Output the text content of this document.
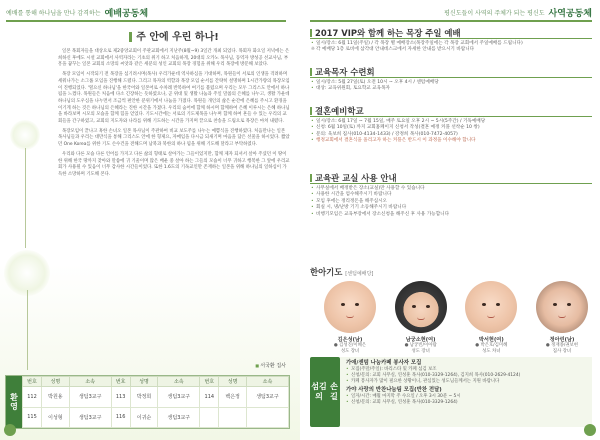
예배를 통해 하나님을 만나 감격하는 예배공동체
주 안에 우린 하나!

일본 목회자들을 대상으로 제2중앙교회이 주관교회에서 지난주(8월~9) 3일간 개최 되었다. 목회자 화요일 저녁에는 은희하신 후에도 시설 교회에서 사역자라는 기초의 위기 하고 처음하게, 20대의 오카노 목사님, 동역자 방성공 선교사님, 부흥을 꿈꾸는 일본 교회의 소망의 씨앗과 같은 세분의 성인 교회의 목장 경험을 위해 우리 목장에 방문해 보았다.

목장 모임이 시작되기 전 목장을 섬기려시며(목사) 우리가운데 역사하심을 기대하며, 목원들이 서로의 인생을 격려하며 세워나가는 소그룹 모임을 진행해 드렸다. 그리고 목자의 역할과 목장 모임 순서를 간략히 설명하며 1시간가량의 목장모임이 진행되었다. '열으신 하나님'을 한국어와 일본어로 수차례 반복하여 여기를 불렀으며 우리는 모두 그리스도 안에서 하나 됨을 느꼈다. 목원들은 처음에 다소 긴장하는 듯하였으나, 곧 위대 및 생활 나눔과 주일 말씀의 은혜를 나누고, 생활 가운데 하나님의 도우심을 나누면서 조금씩 편안한 분위기에서 나눔을 가졌다. 목원들 개인의 삶은 순간에 은혜를 주시고 환경을 이기게 하는 것은 하나님의 은혜라는 진한 시간을 가졌다. 우리의 숨어에 함께 하시며 함께하여 은혜 이루시는 은혜 하나님을 바라보며 시모의 모습을 함께 힘을 얻었다. 기도시간에는 서로의 기도제목을 나누며 함께 하여 흔들 수 있는 우리의 교회들을 간구하였고, 교회의 지도자와 나라를 위해 기도하는 시간을 가지며 끝으로 찬송을 드림으로 목장은 마쳐 내렸다.

목장모임이 끝나고 혹한 손녀오 일본 목사님이 주관하여 비교 보도주를 나누는 예쁨식을 진행하였다. 처음만나는 일본 목사님들과 우리는 대만식을 통해 그리스도 안에 한 형제요, 자매임을 다시금 되새기며 마음을 담은 선물을 하시었다. 짧았던 One Korea를 위한 기도 손수건을 전해드며 남북과 북한의 하나 됨을 위해 기도해 달라고 부탁하였다.

우리와 다른 모습 다른 언어를 가지고 다른 삶의 형태로 살아가는 그들이었지만, 함께 제자 되셔서 살아 주셨던 이 땅이 한 위해 한국 땅까지 찾아와 말씀에 귀 기울이며 많은 배운 중 살아 하는 그들의 모습이 너무 귀하고 행복한 그 앞에 우리교회가 사용될 수 있음이 너무 감사한 시간들이었다. 또한 1.6도의 기독교인만 존재하는 일본을 위해 하나님의 일하심이 가득한 소망하며 기도해 본다.

■ 서국환 집사
환영
번호	성명	소속	번호	성명	소속	번호	성명	소속
112	박원용	생텀3교구	113	박정희	생텀3교구	114	백은정	생텀3교구
115	이성형	생텀3교구	116	이귀순	생텀3교구			
평신도들이 사역의 주체가 되는 평신도 사역공동체
2017 VIP와 함께 하는 목장 주일 예배
• 일시/장소: 6월 11일(주일) / 각 목장 별 예배장소(목장주일에는 각 목장 교회에서 주일예배를 드립니다)
※ 각 예배당 1층 로비에 삼각대 안내데스크에서 자세한 안내를 받으시기 바랍니다
교육목자 수련회
• 일시/장소: 5월 27일(토) 오전 10시 ~ 오후 4시 / 센텀예배당
• 대상: 교육위원회, 토요학교 교육목자
결혼예비학교
• 일시/장소: 6월 17일 ~ 7월 15일, 매주 토요일 오후 2시 ~ 5시(5주간) / 기독예배당
• 신청: 6월 10일(토) 까지 교회홈페이지 신청서 작성(결혼 예정 커플 선착순 10 쌍)
• 문의: 육보희 집사(010-4134-1433) / 강정희 목사(010-7472-4057)
• 행정교회에서 결혼식을 올리고자 하는 커플은 반드시 이 과정을 이수해야 합니다
교육관 교실 사용 안내
• 사무실에서 배정받은 장소(교실)만 사용할 수 있습니다
• 사용한 시간을 엄수해주시기 바랍니다
• 모임 후에는 정리정돈을 해주십시오
• 회실 시, 냉/난방 기기 소등해주시기 바랍니다
• 비행기모임은 교육부장에서 장소신청을 해주신 후 사용 가능합니다
한아기도 [센텀예배당]
김은성(남)
● 김성진/이혜은
성도 장녀
남궁소현(여)
● 남궁빈/이아람
성도 장녀
박서현(여)
● 박은호/김미혜
성도 차녀
정아린(남)
● 정재종/권보현
집사 장녀
섬김의

손길
가애/센텀 나눔카페 봉사자 모집
• 모집(주말/주일): 바리스타 및 카페 섬김 보조
• 신청/문의: 교회 사무실, 연성훈 목사(010-3329-1264), 김지희 목사(010-2629-4124)
• 카페 봉사자가 많이 필요한 상황이니, 관심있는 성도님들께서는 지원 바랍니다
가야 사랑의 반찬나눔팀 모집(반찬 전달)
• 일자/시간: 매월 마지막 주 수요일 / 오후 3시 30분 ~ 5시
• 신청/문의: 교회 사무실, 연성훈 목사(010-3329-1264)
